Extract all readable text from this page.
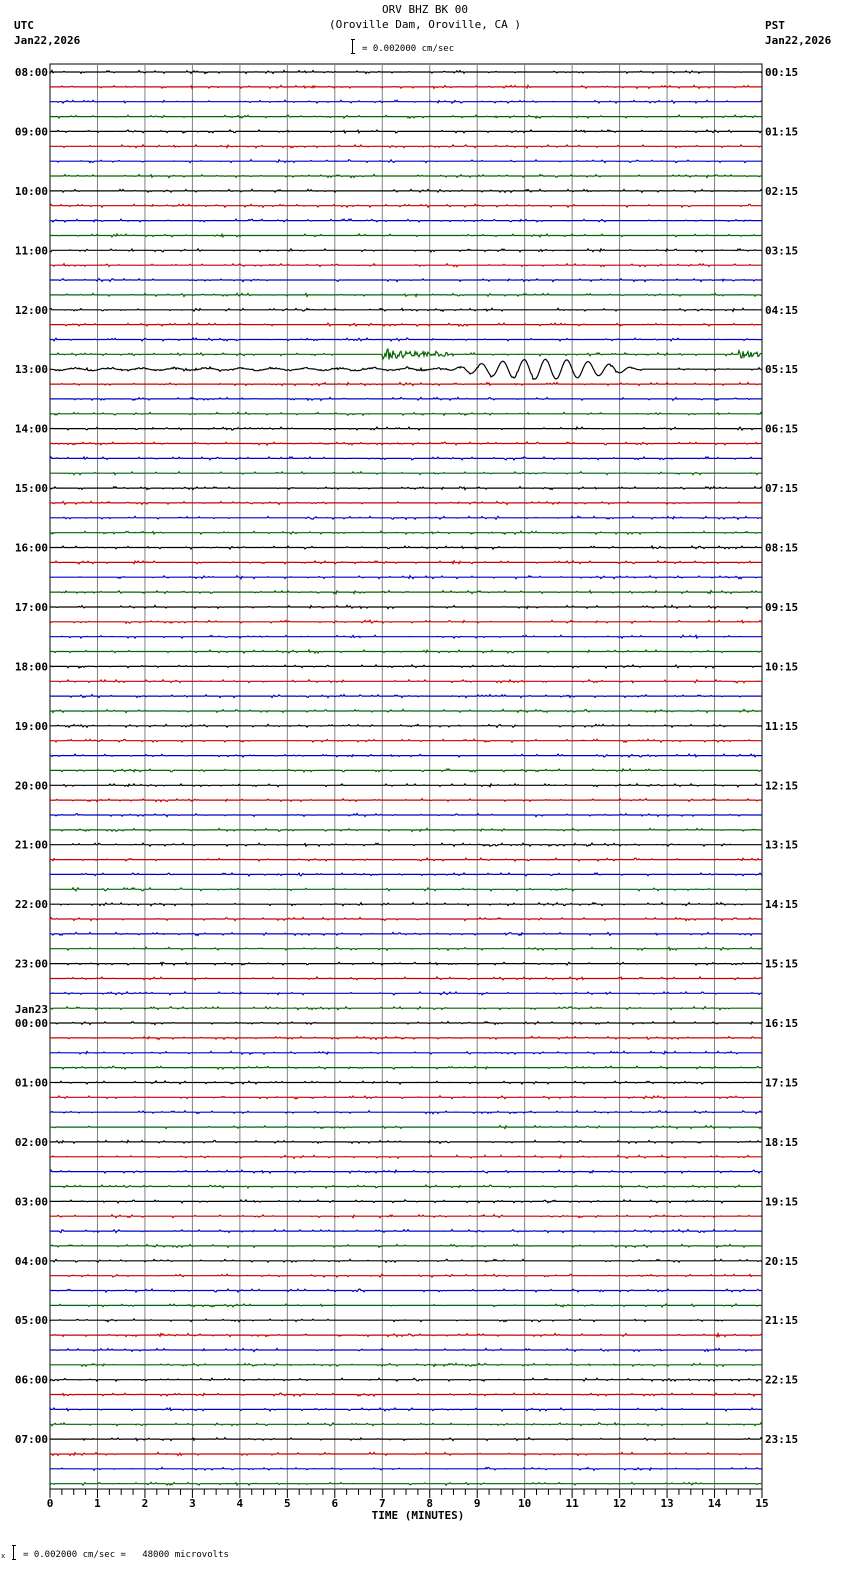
ORV BHZ BK 00
(Oroville Dam, Oroville, CA )
UTC
Jan22,2026
PST
Jan22,2026
= 0.002000 cm/sec
08:00
09:00
10:00
11:00
12:00
13:00
14:00
15:00
16:00
17:00
18:00
19:00
20:00
21:00
22:00
23:00
00:00
Jan23
01:00
02:00
03:00
04:00
05:00
06:00
07:00
00:15
01:15
02:15
03:15
04:15
05:15
06:15
07:15
08:15
09:15
10:15
11:15
12:15
13:15
14:15
15:15
16:15
17:15
18:15
19:15
20:15
21:15
22:15
23:15
0	1	2	3	4	5	6	7	8	9	10	11	12	13	14	15
TIME (MINUTES)
x = 0.002000 cm/sec =   48000 microvolts
